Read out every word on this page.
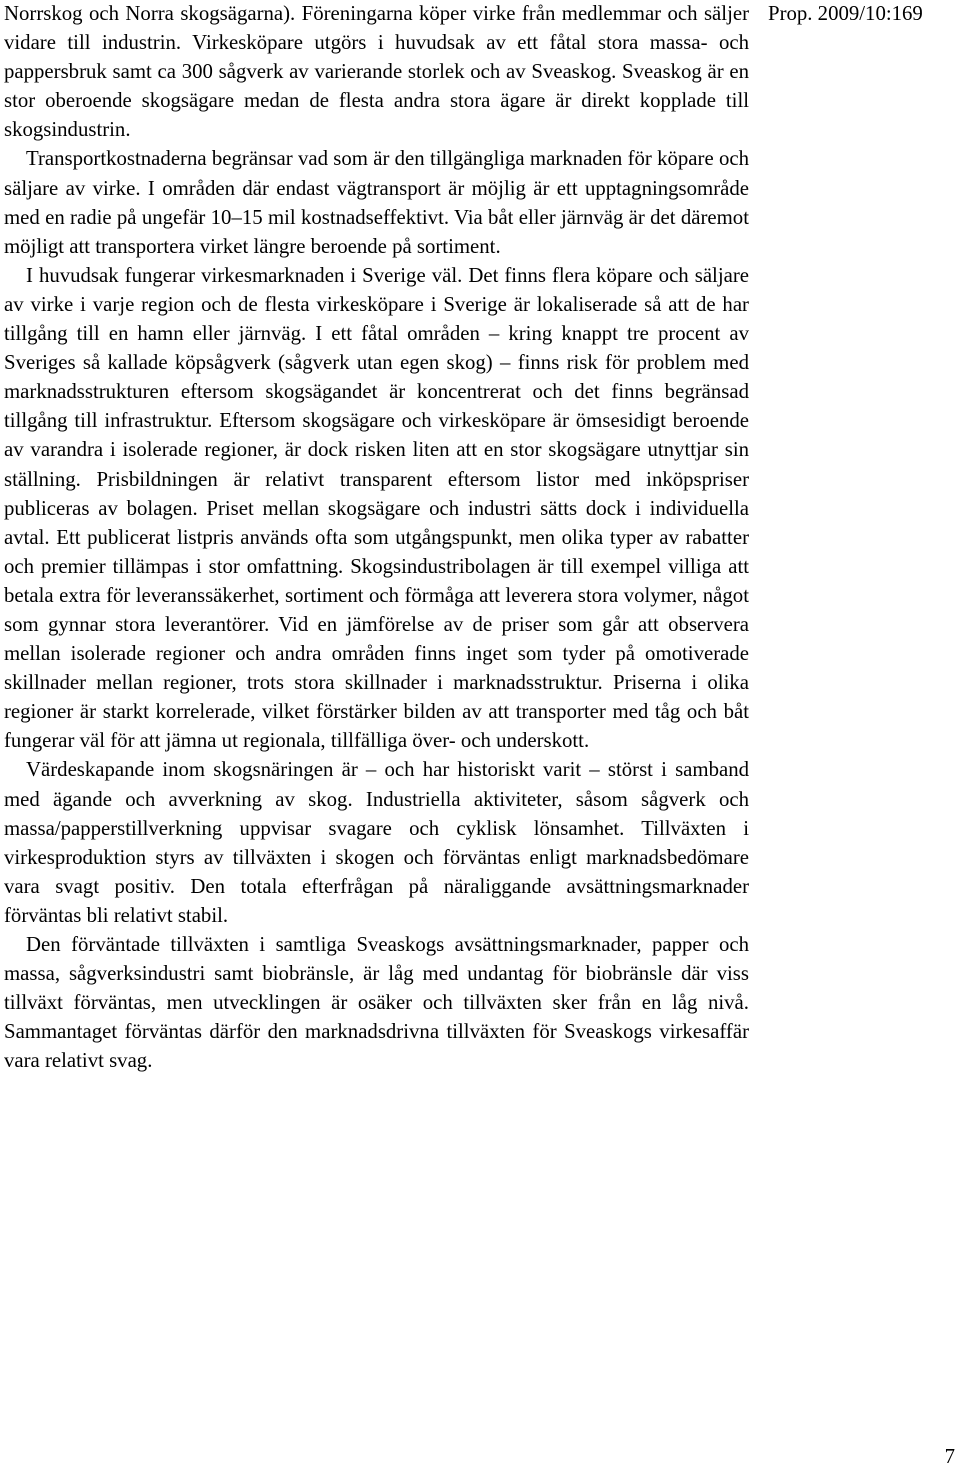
Norrskog och Norra skogsägarna). Föreningarna köper virke från medlemmar och säljer vidare till industrin. Virkesköpare utgörs i huvudsak av ett fåtal stora massa- och pappersbruk samt ca 300 sågverk av varierande storlek och av Sveaskog. Sveaskog är en stor oberoende skogsägare medan de flesta andra stora ägare är direkt kopplade till skogsindustrin.

Transportkostnaderna begränsar vad som är den tillgängliga marknaden för köpare och säljare av virke. I områden där endast vägtransport är möjlig är ett upptagningsområde med en radie på ungefär 10–15 mil kostnadseffektivt. Via båt eller järnväg är det däremot möjligt att transportera virket längre beroende på sortiment.

I huvudsak fungerar virkesmarknaden i Sverige väl. Det finns flera köpare och säljare av virke i varje region och de flesta virkesköpare i Sverige är lokaliserade så att de har tillgång till en hamn eller järnväg. I ett fåtal områden – kring knappt tre procent av Sveriges så kallade köpsågverk (sågverk utan egen skog) – finns risk för problem med marknadsstrukturen eftersom skogsägandet är koncentrerat och det finns begränsad tillgång till infrastruktur. Eftersom skogsägare och virkesköpare är ömsesidigt beroende av varandra i isolerade regioner, är dock risken liten att en stor skogsägare utnyttjar sin ställning. Prisbildningen är relativt transparent eftersom listor med inköpspriser publiceras av bolagen. Priset mellan skogsägare och industri sätts dock i individuella avtal. Ett publicerat listpris används ofta som utgångspunkt, men olika typer av rabatter och premier tillämpas i stor omfattning. Skogsindustribolagen är till exempel villiga att betala extra för leveranssäkerhet, sortiment och förmåga att leverera stora volymer, något som gynnar stora leverantörer. Vid en jämförelse av de priser som går att observera mellan isolerade regioner och andra områden finns inget som tyder på omotiverade skillnader mellan regioner, trots stora skillnader i marknadsstruktur. Priserna i olika regioner är starkt korrelerade, vilket förstärker bilden av att transporter med tåg och båt fungerar väl för att jämna ut regionala, tillfälliga över- och underskott.

Värdeskapande inom skogsnäringen är – och har historiskt varit – störst i samband med ägande och avverkning av skog. Industriella aktiviteter, såsom sågverk och massa/papperstillverkning uppvisar svagare och cyklisk lönsamhet. Tillväxten i virkesproduktion styrs av tillväxten i skogen och förväntas enligt marknadsbedömare vara svagt positiv. Den totala efterfrågan på näraliggande avsättningsmarknader förväntas bli relativt stabil.

Den förväntade tillväxten i samtliga Sveaskogs avsättningsmarknader, papper och massa, sågverksindustri samt biobränsle, är låg med undantag för biobränsle där viss tillväxt förväntas, men utvecklingen är osäker och tillväxten sker från en låg nivå. Sammantaget förväntas därför den marknadsdrivna tillväxten för Sveaskogs virkesaffär vara relativt svag.

Prop. 2009/10:169
7
